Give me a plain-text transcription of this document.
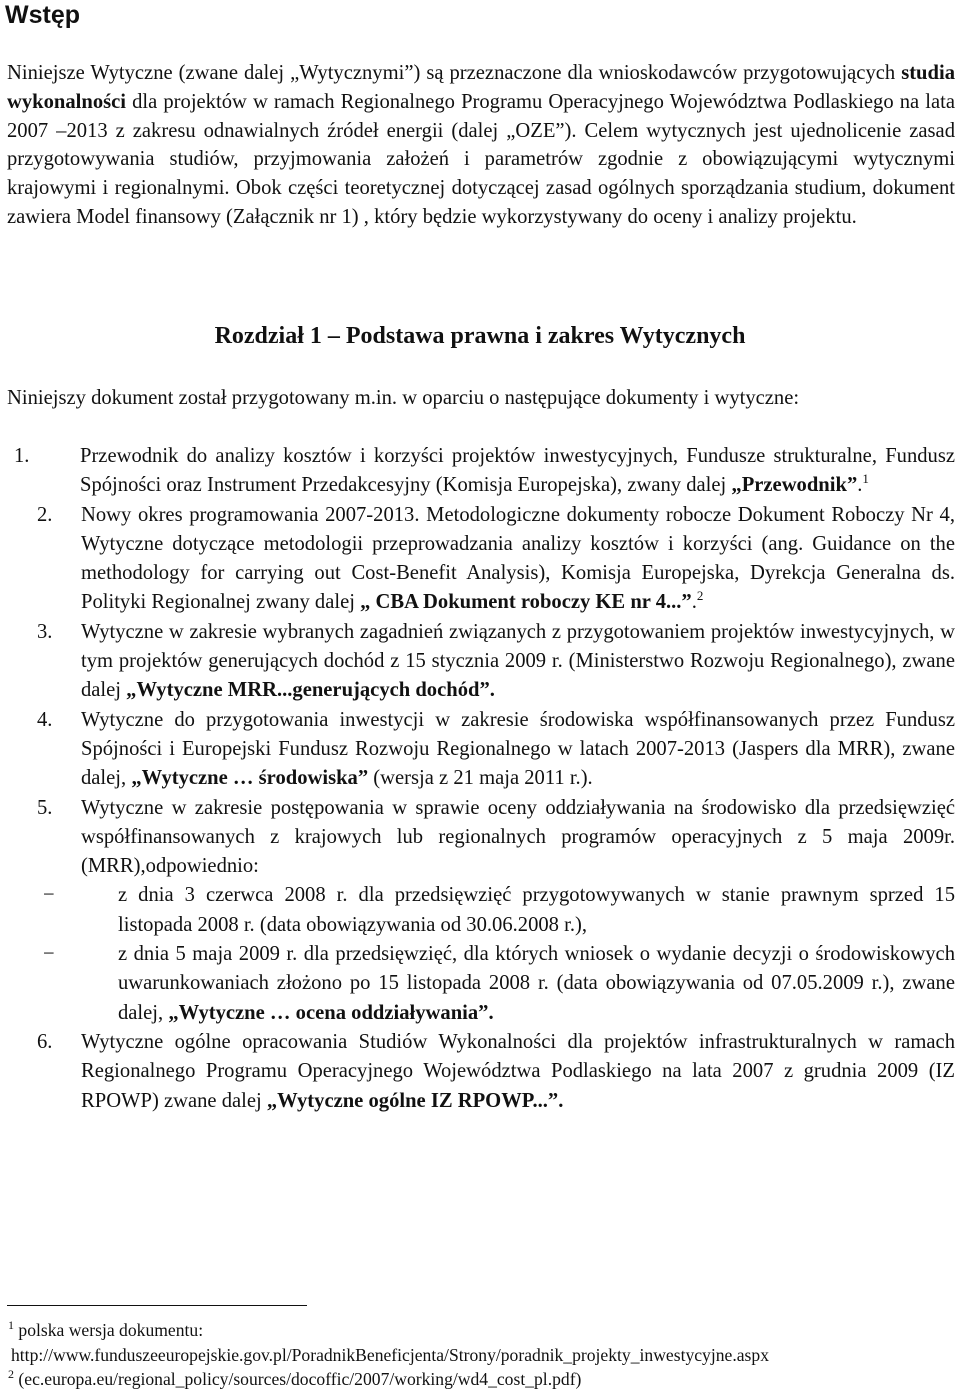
Wstęp

Niniejsze Wytyczne (zwane dalej „Wytycznymi”) są przeznaczone dla wnioskodawców przygotowujących studia wykonalności dla projektów w ramach Regionalnego Programu Operacyjnego Województwa Podlaskiego na lata 2007 –2013 z zakresu odnawialnych źródeł energii (dalej „OZE”). Celem wytycznych jest ujednolicenie zasad przygotowywania studiów, przyjmowania założeń i parametrów zgodnie z obowiązującymi wytycznymi krajowymi i regionalnymi. Obok części teoretycznej dotyczącej zasad ogólnych sporządzania studium, dokument zawiera Model finansowy (Załącznik nr 1) , który będzie wykorzystywany do oceny i analizy projektu.

Rozdział 1 – Podstawa prawna i zakres Wytycznych
Niniejszy dokument został przygotowany m.in. w oparciu o następujące dokumenty i wytyczne:
1. Przewodnik do analizy kosztów i korzyści projektów inwestycyjnych, Fundusze strukturalne, Fundusz Spójności oraz Instrument Przedakcesyjny (Komisja Europejska), zwany dalej „Przewodnik”.$^1$
2. Nowy okres programowania 2007-2013. Metodologiczne dokumenty robocze Dokument Roboczy Nr 4, Wytyczne dotyczące metodologii przeprowadzania analizy kosztów i korzyści (ang. Guidance on the methodology for carrying out Cost-Benefit Analysis), Komisja Europejska, Dyrekcja Generalna ds. Polityki Regionalnej zwany dalej „ CBA Dokument roboczy KE nr 4...”.$^2$
3. Wytyczne w zakresie wybranych zagadnień związanych z przygotowaniem projektów inwestycyjnych, w tym projektów generujących dochód z 15 stycznia 2009 r. (Ministerstwo Rozwoju Regionalnego), zwane dalej „Wytyczne MRR...generujących dochód”.
4. Wytyczne do przygotowania inwestycji w zakresie środowiska współfinansowanych przez Fundusz Spójności i Europejski Fundusz Rozwoju Regionalnego w latach 2007-2013 (Jaspers dla MRR), zwane dalej, „Wytyczne … środowiska” (wersja z 21 maja 2011 r.).
5. Wytyczne w zakresie postępowania w sprawie oceny oddziaływania na środowisko dla przedsięwzięć współfinansowanych z krajowych lub regionalnych programów operacyjnych z 5 maja 2009r. (MRR),odpowiednio:
−	z dnia 3 czerwca 2008 r. dla przedsięwzięć przygotowywanych w stanie prawnym sprzed 15 listopada 2008 r. (data obowiązywania od 30.06.2008 r.),
−	z dnia 5 maja 2009 r. dla przedsięwzięć, dla których wniosek o wydanie decyzji o środowiskowych uwarunkowaniach złożono po 15 listopada 2008 r. (data obowiązywania od 07.05.2009 r.), zwane dalej, „Wytyczne … ocena oddziaływania”.
6. Wytyczne ogólne opracowania Studiów Wykonalności dla projektów infrastrukturalnych w ramach Regionalnego Programu Operacyjnego Województwa Podlaskiego na lata 2007 z grudnia 2009 (IZ RPOWP) zwane dalej „Wytyczne ogólne IZ RPOWP...”.

$^1$ polska wersja dokumentu:

http://www.funduszeeuropejskie.gov.pl/PoradnikBeneficjenta/Strony/poradnik_projekty_inwestycyjne.aspx

$^2$ (ec.europa.eu/regional_policy/sources/docoffic/2007/working/wd4_cost_pl.pdf)
